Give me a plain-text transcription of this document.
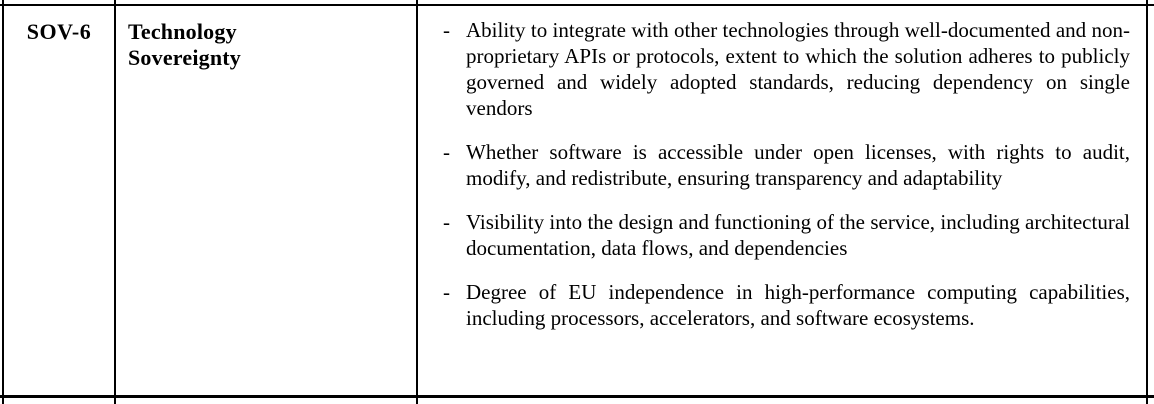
SOV-6	Technology Sovereignty
- Ability to integrate with other technologies through well-documented and non-proprietary APIs or protocols, extent to which the solution adheres to publicly governed and widely adopted standards, reducing dependency on single vendors
- Whether software is accessible under open licenses, with rights to audit, modify, and redistribute, ensuring transparency and adaptability
- Visibility into the design and functioning of the service, including architectural documentation, data flows, and dependencies
- Degree of EU independence in high-performance computing capabilities, including processors, accelerators, and software ecosystems.
